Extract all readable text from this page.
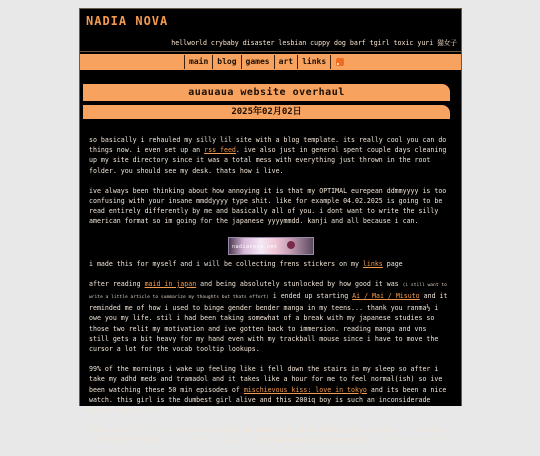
NADIA NOVA
hellworld crybaby disaster lesbian cuppy dog barf tgirl toxic yuri 猫女子
main	blog	games	art	links
auauaua website overhaul
2025年02月02日

so basically i rehauled my silly lil site with a blog template. its really cool you can do things now. i even set up an rss feed. ive also just in general spent couple days cleaning up my site directory since it was a total mess with everything just thrown in the root folder. you should see my desk. thats how i live.

ive always been thinking about how annoying it is that my OPTIMAL eurepean ddmmyyyy is too confusing with your insane mmddyyyy type shit. like for example 04.02.2025 is going to be read entirely differently by me and basically all of you. i dont want to write the silly american format so im going for the japanese yyyymmdd. kanji and all because i can.

nadianova.net

i made this for myself and i will be collecting frens stickers on my links page

after reading maid in japan and being absolutely stunlocked by how good it was (i still want to write a little article to summarize my thoughts but thats effort) i ended up starting Ai / Mai / Misuto and it reminded me of how i used to binge gender bender manga in my teens... thank you ranma½ i owe you my life. stil i had been taking somewhat of a break with my japanese studies so those two relit my motivation and ive gotten back to immersion. reading manga and vns still gets a bit heavy for my hand even with my trackball mouse since i have to move the cursor a lot for the vocab tooltip lookups.

99% of the mornings i wake up feeling like i fell down the stairs in my sleep so after i take my adhd meds and tramadol and it takes like a hour for me to feel normal(ish) so ive been watching these 50 min episodes of mischievous kiss: love in tokyo and its been a nice watch. this girl is the dumbest girl alive and this 200iq boy is such an inconsiderade clutz. its great

thats that i suppose. ive been working on hopere while thinking about impepre and naomida. i think after i figure out the ui i will start working on the steam page. オミットにツノミサキ
